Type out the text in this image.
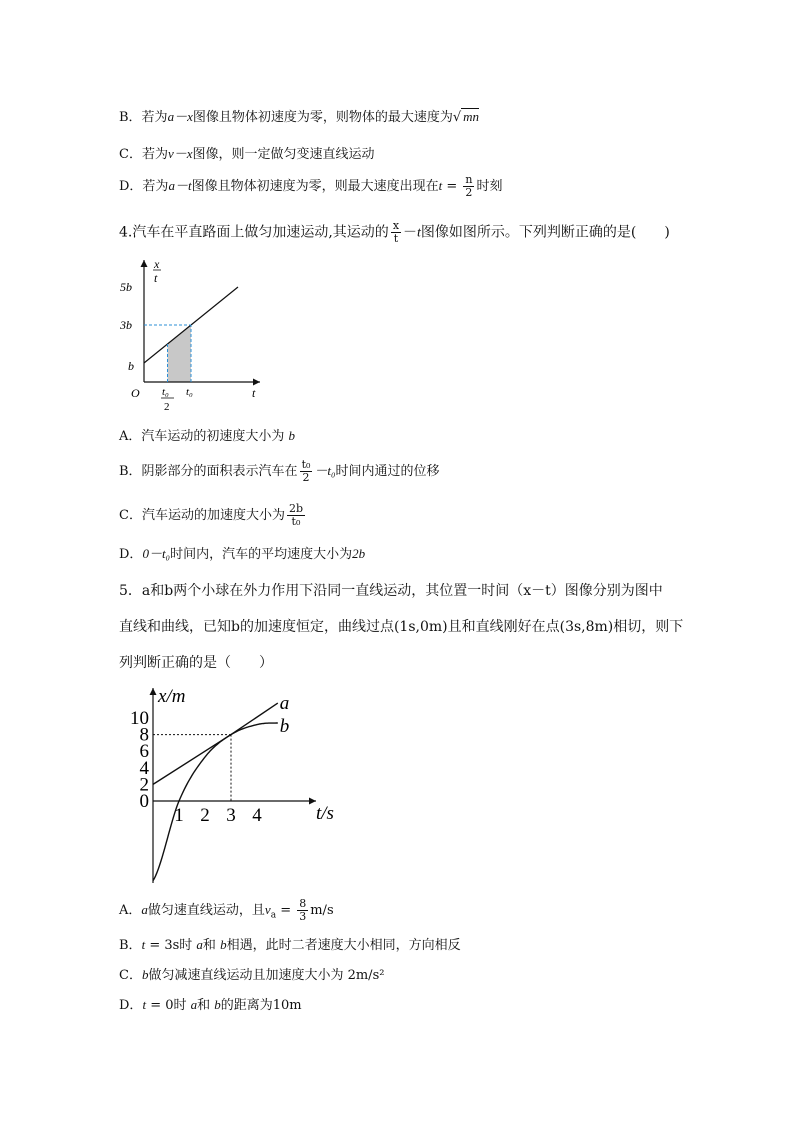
B．若为a－x图像且物体初速度为零，则物体的最大速度为√ mn
C．若为v－x图像，则一定做匀变速直线运动
D．若为a－t图像且物体初速度为零，则最大速度出现在$t = \frac{n}{2}$ 时刻
4.汽车在平直路面上做匀加速运动,其运动的 $\frac{x}{t} -t$图像如图所示。下列判断正确的是(　　)
x
t
5b
3b
b
O	t
t₀
2
t₀
A．汽车运动的初速度大小为 b
B．阴影部分的面积表示汽车在 $\frac{\text{t₀}}{2} -t_0$时间内通过的位移
C．汽车运动的加速度大小为 $\frac{2b}{\text{t₀}}$
D．0－t₀时间内，汽车的平均速度大小为2b
5．a和b两个小球在外力作用下沿同一直线运动，其位置一时间（x－t）图像分别为图中
直线和曲线，已知b的加速度恒定，曲线过点(1s,0m)且和直线刚好在点(3s,8m)相切，则下
列判断正确的是（　　）
a
b
10
8
6
4
2
0
1 2 3 4
x/m
t/s
A．a做匀速直线运动，且$v_a = \frac{8}{3} m/s$
B．t = 3s时 a和 b相遇，此时二者速度大小相同，方向相反
C．b做匀减速直线运动且加速度大小为 2m/s²
D．t = 0时 a和 b的距离为10m
